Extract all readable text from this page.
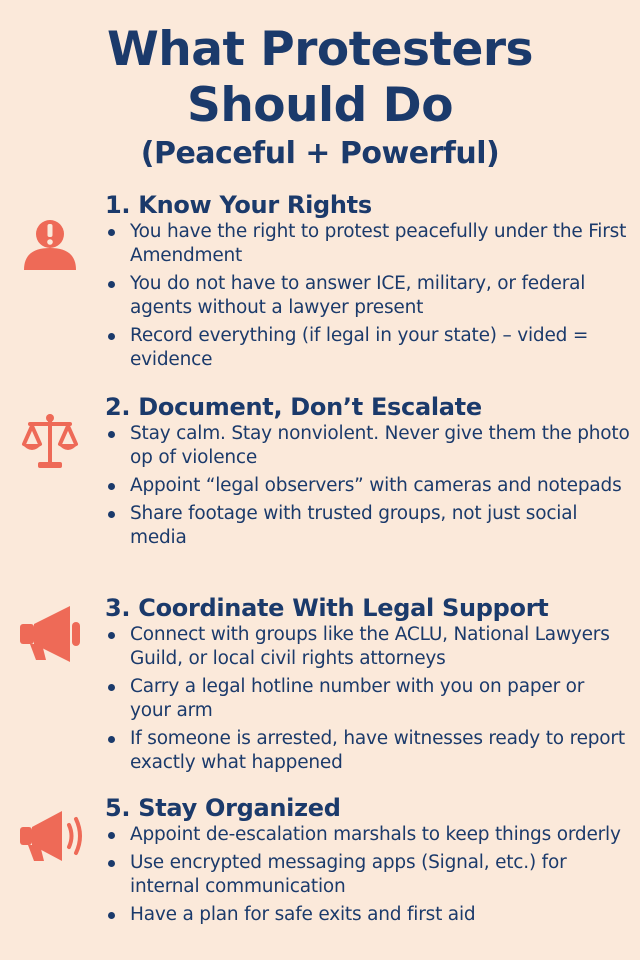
What Protesters
Should Do
(Peaceful + Powerful)
1. Know Your Rights
You have the right to protest peacefully under the First Amendment
You do not have to answer ICE, military, or federal agents without a lawyer present
Record everything (if legal in your state) – vided = evidence
2. Document, Don’t Escalate
Stay calm. Stay nonviolent. Never give them the photo op of violence
Appoint “legal observers” with cameras and notepads
Share footage with trusted groups, not just social media
3. Coordinate With Legal Support
Connect with groups like the ACLU, National Lawyers Guild, or local civil rights attorneys
Carry a legal hotline number with you on paper or your arm
If someone is arrested, have witnesses ready to report exactly what happened
5. Stay Organized
Appoint de-escalation marshals to keep things orderly
Use encrypted messaging apps (Signal, etc.) for internal communication
Have a plan for safe exits and first aid
